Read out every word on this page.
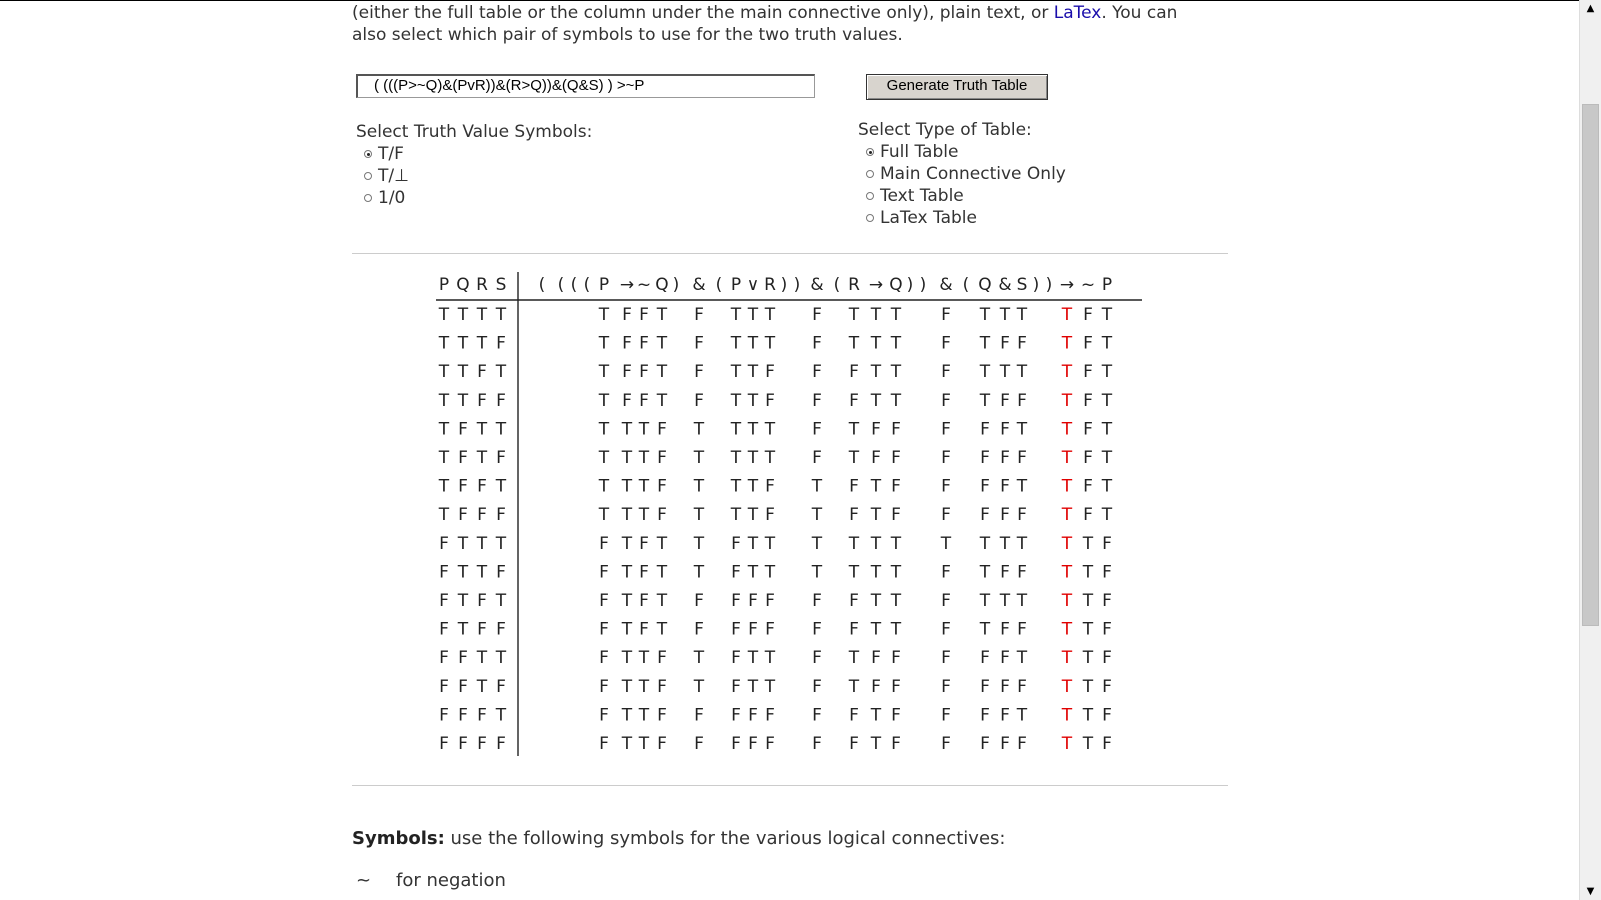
(either the full table or the column under the main connective only), plain text, or LaTex. You can
also select which pair of symbols to use for the two truth values.
( (((P>~Q)&(PvR))&(R>Q))&(Q&S) ) >~P	Generate Truth Table
Select Truth Value Symbols:
T/F
T/⊥
1/0
Select Type of Table:
Full Table
Main Connective Only
Text Table
LaTex Table
P Q R S ( ( ( ( P → ~ Q ) & ( P ∨ R ) ) & ( R → Q ) ) & ( Q & S ) ) → ~ P
T T T T	T F F T F T T T F T T T F T T T T F T
T T T F	T F F T F T T T F T T T F T F F T F T
T T F T	T F F T F T T F F F T T F T T T T F T
T T F F	T F F T F T T F F F T T F T F F T F T
T F T T	T T T F T T T T F T F F F F F T T F T
T F T F	T T T F T T T T F T F F F F F F T F T
T F F T	T T T F T T T F T F T F F F F T T F T
T F F F	T T T F T T T F T F T F F F F F T F T
F T T T	F T F T T F T T T T T T T T T T T T F
F T T F	F T F T T F T T T T T T F T F F T T F
F T F T	F T F T F F F F F F T T F T T T T T F
F T F F	F T F T F F F F F F T T F T F F T T F
F F T T	F T T F T F T T F T F F F F F T T T F
F F T F	F T T F T F T T F T F F F F F F T T F
F F F T	F T T F F F F F F F T F F F F T T T F
F F F F	F T T F F F F F F F T F F F F F T T F
Symbols: use the following symbols for the various logical connectives:
~ for negation
▲
▼
